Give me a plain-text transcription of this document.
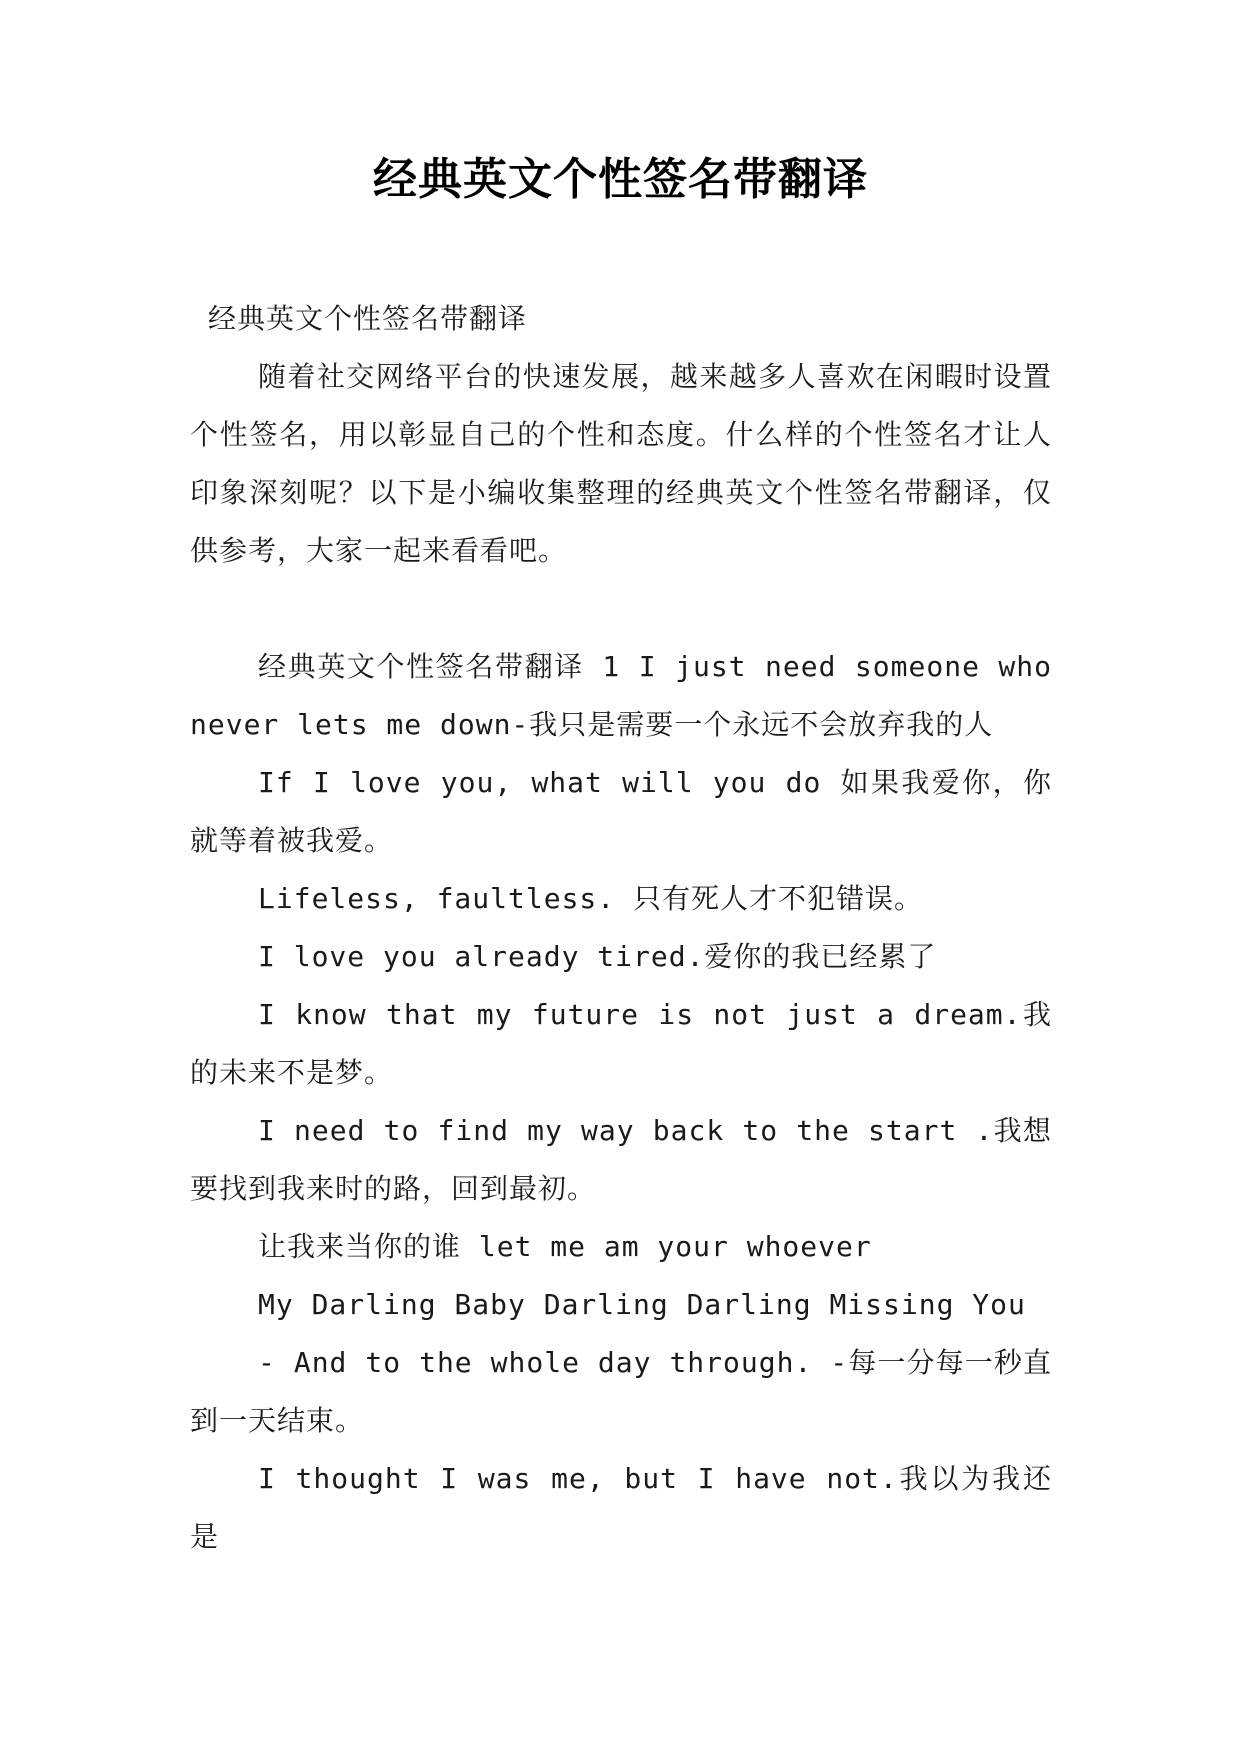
经典英文个性签名带翻译

经典英文个性签名带翻译

随着社交网络平台的快速发展，越来越多人喜欢在闲暇时设置个性签名，用以彰显自己的个性和态度。什么样的个性签名才让人印象深刻呢？以下是小编收集整理的经典英文个性签名带翻译，仅供参考，大家一起来看看吧。

经典英文个性签名带翻译 1 I just need someone who never lets me down-我只是需要一个永远不会放弃我的人

If I love you, what will you do 如果我爱你，你就等着被我爱。

Lifeless, faultless. 只有死人才不犯错误。

I love you already tired.爱你的我已经累了

I know that my future is not just a dream.我的未来不是梦。

I need to find my way back to the start .我想要找到我来时的路，回到最初。

让我来当你的谁 let me am your whoever

My Darling Baby Darling Darling Missing You

- And to the whole day through. -每一分每一秒直到一天结束。

I thought I was me, but I have not.我以为我还是
